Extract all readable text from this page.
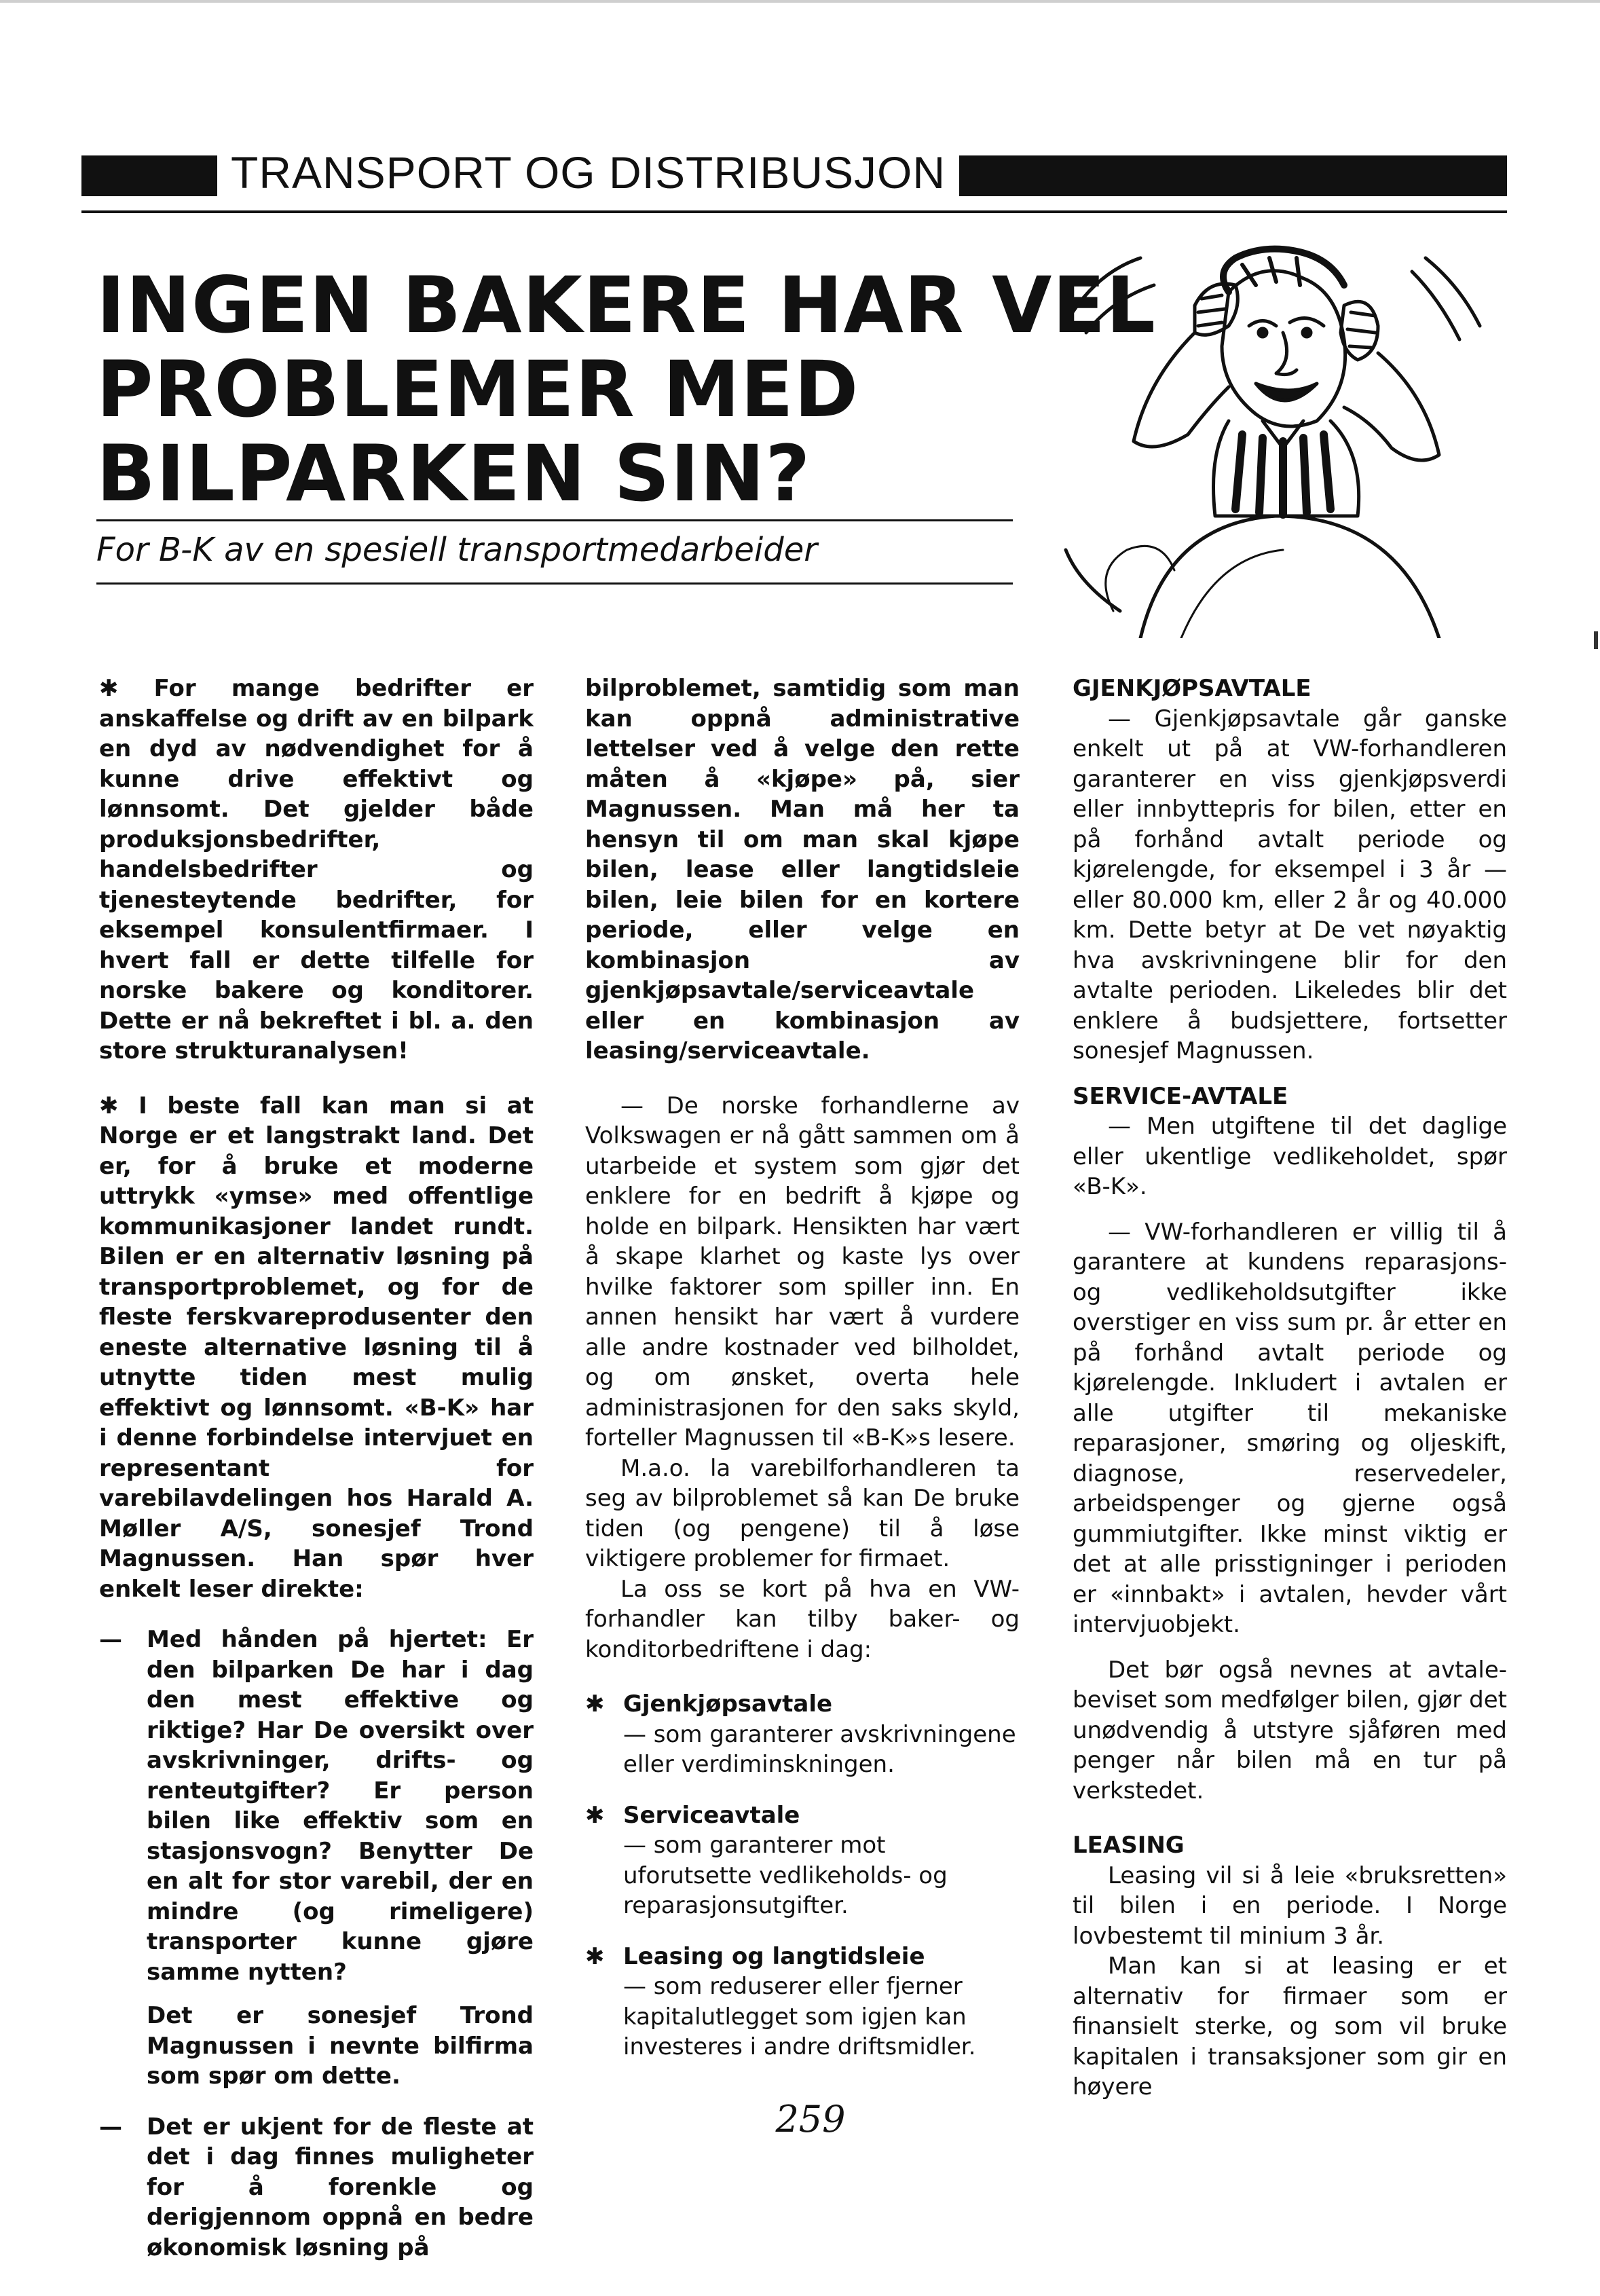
TRANSPORT OG DISTRIBUSJON
INGEN BAKERE HAR VEL
PROBLEMER MED
BILPARKEN SIN?
For B-K av en spesiell transportmedarbeider

✱ For mange bedrifter er anskaffelse og drift av en bilpark en dyd av nødvendighet for å kunne drive effektivt og lønnsomt. Det gjelder både produksjonsbedrifter, handelsbedrifter og tjenesteytende bedrifter, for eksempel konsulentfirmaer. I hvert fall er dette tilfelle for norske bakere og konditorer. Dette er nå bekreftet i bl. a. den store strukturanalysen!

✱ I beste fall kan man si at Norge er et langstrakt land. Det er, for å bruke et moderne uttrykk «ymse» med offentlige kommunikasjoner landet rundt. Bilen er en alternativ løsning på transportproblemet, og for de fleste ferskvareprodusenter den eneste alternative løsning til å utnytte tiden mest mulig effektivt og lønnsomt. «B-K» har i denne forbindelse intervjuet en representant for varebilavdelingen hos Harald A. Møller A/S, sonesjef Trond Magnussen. Han spør hver enkelt leser direkte:

—	Med hånden på hjertet: Er den bilparken De har i dag den mest effektive og riktige? Har De oversikt over avskrivninger, drifts- og renteutgifter? Er person bilen like effektiv som en stasjonsvogn? Benytter De en alt for stor varebil, der en mindre (og rimeligere) transporter kunne gjøre samme nytten?

Det er sonesjef Trond Magnussen i nevnte bilfirma som spør om dette.

—	Det er ukjent for de fleste at det i dag finnes muligheter for å forenkle og derigjennom oppnå en bedre økonomisk løsning på

bilproblemet, samtidig som man kan oppnå administrative lettelser ved å velge den rette måten å «kjøpe» på, sier Magnussen. Man må her ta hensyn til om man skal kjøpe bilen, lease eller langtidsleie bilen, leie bilen for en kortere periode, eller velge en kombinasjon av gjenkjøpsavtale/serviceavtale eller en kombinasjon av leasing/serviceavtale.

— De norske forhandlerne av Volkswagen er nå gått sammen om å utarbeide et system som gjør det enklere for en bedrift å kjøpe og holde en bilpark. Hensikten har vært å skape klarhet og kaste lys over hvilke faktorer som spiller inn. En annen hensikt har vært å vurdere alle andre kostnader ved bilholdet, og om ønsket, overta hele administrasjonen for den saks skyld, forteller Magnussen til «B-K»s lesere.

M.a.o. la varebilforhandleren ta seg av bilproblemet så kan De bruke tiden (og pengene) til å løse viktigere problemer for firmaet.

La oss se kort på hva en VW-forhandler kan tilby baker- og konditorbedriftene i dag:

✱ Gjenkjøpsavtale
— som garanterer avskrivningene eller verdiminskningen.
✱ Serviceavtale
— som garanterer mot uforutsette vedlikeholds- og reparasjonsutgifter.
✱ Leasing og langtidsleie
— som reduserer eller fjerner kapitalutlegget som igjen kan investeres i andre driftsmidler.

GJENKJØPSAVTALE

— Gjenkjøpsavtale går ganske enkelt ut på at VW-forhandleren garanterer en viss gjenkjøpsverdi eller innbyttepris for bilen, etter en på forhånd avtalt periode og kjørelengde, for eksempel i 3 år — eller 80.000 km, eller 2 år og 40.000 km. Dette betyr at De vet nøyaktig hva avskrivningene blir for den avtalte perioden. Likeledes blir det enklere å budsjettere, fortsetter sonesjef Magnussen.

SERVICE-AVTALE

— Men utgiftene til det daglige eller ukentlige vedlikeholdet, spør «B-K».

— VW-forhandleren er villig til å garantere at kundens reparasjons- og vedlikeholdsutgifter ikke overstiger en viss sum pr. år etter en på forhånd avtalt periode og kjørelengde. Inkludert i avtalen er alle utgifter til mekaniske reparasjoner, smøring og oljeskift, diagnose, reservedeler, arbeidspenger og gjerne også gummiutgifter. Ikke minst viktig er det at alle prisstigninger i perioden er «innbakt» i avtalen, hevder vårt intervjuobjekt.

Det bør også nevnes at avtale-beviset som medfølger bilen, gjør det unødvendig å utstyre sjåføren med penger når bilen må en tur på verkstedet.

LEASING

Leasing vil si å leie «bruksretten» til bilen i en periode. I Norge lovbestemt til minium 3 år.

Man kan si at leasing er et alternativ for firmaer som er finansielt sterke, og som vil bruke kapitalen i transaksjoner som gir en høyere

259
